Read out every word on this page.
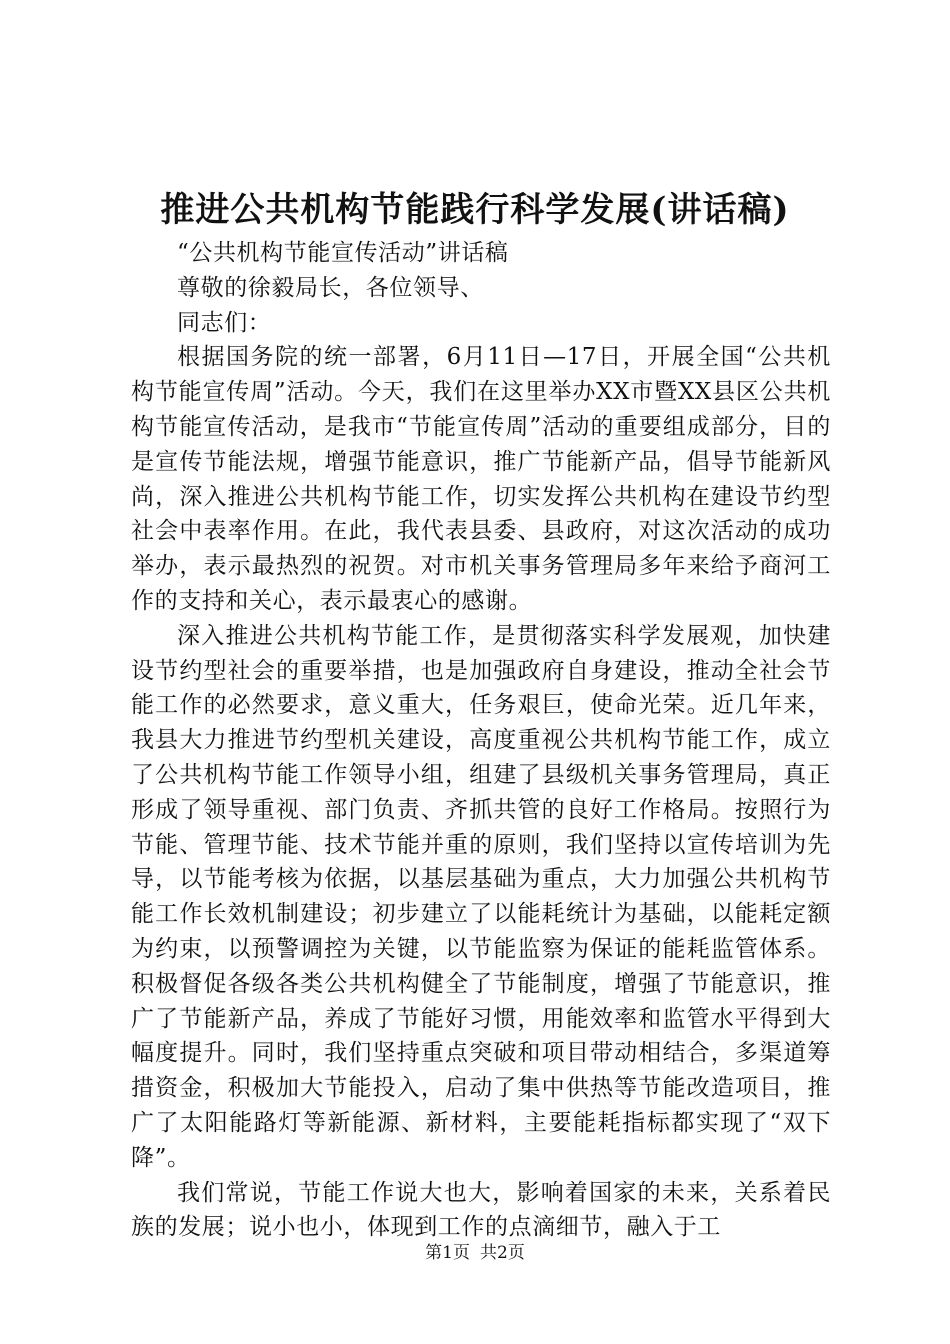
推进公共机构节能践行科学发展(讲话稿)

“公共机构节能宣传活动”讲话稿

尊敬的徐毅局长，各位领导、

同志们：

根据国务院的统一部署，6月11日—17日，开展全国“公共机构节能宣传周”活动。今天，我们在这里举办XX市暨XX县区公共机构节能宣传活动，是我市“节能宣传周”活动的重要组成部分，目的是宣传节能法规，增强节能意识，推广节能新产品，倡导节能新风尚，深入推进公共机构节能工作，切实发挥公共机构在建设节约型社会中表率作用。在此，我代表县委、县政府，对这次活动的成功举办，表示最热烈的祝贺。对市机关事务管理局多年来给予商河工作的支持和关心，表示最衷心的感谢。

深入推进公共机构节能工作，是贯彻落实科学发展观，加快建设节约型社会的重要举措，也是加强政府自身建设，推动全社会节能工作的必然要求，意义重大，任务艰巨，使命光荣。近几年来，我县大力推进节约型机关建设，高度重视公共机构节能工作，成立了公共机构节能工作领导小组，组建了县级机关事务管理局，真正形成了领导重视、部门负责、齐抓共管的良好工作格局。按照行为节能、管理节能、技术节能并重的原则，我们坚持以宣传培训为先导，以节能考核为依据，以基层基础为重点，大力加强公共机构节能工作长效机制建设；初步建立了以能耗统计为基础，以能耗定额为约束，以预警调控为关键，以节能监察为保证的能耗监管体系。积极督促各级各类公共机构健全了节能制度，增强了节能意识，推广了节能新产品，养成了节能好习惯，用能效率和监管水平得到大幅度提升。同时，我们坚持重点突破和项目带动相结合，多渠道筹措资金，积极加大节能投入，启动了集中供热等节能改造项目，推广了太阳能路灯等新能源、新材料，主要能耗指标都实现了“双下降”。

我们常说，节能工作说大也大，影响着国家的未来，关系着民族的发展；说小也小，体现到工作的点滴细节，融入于工

第1页 共2页
